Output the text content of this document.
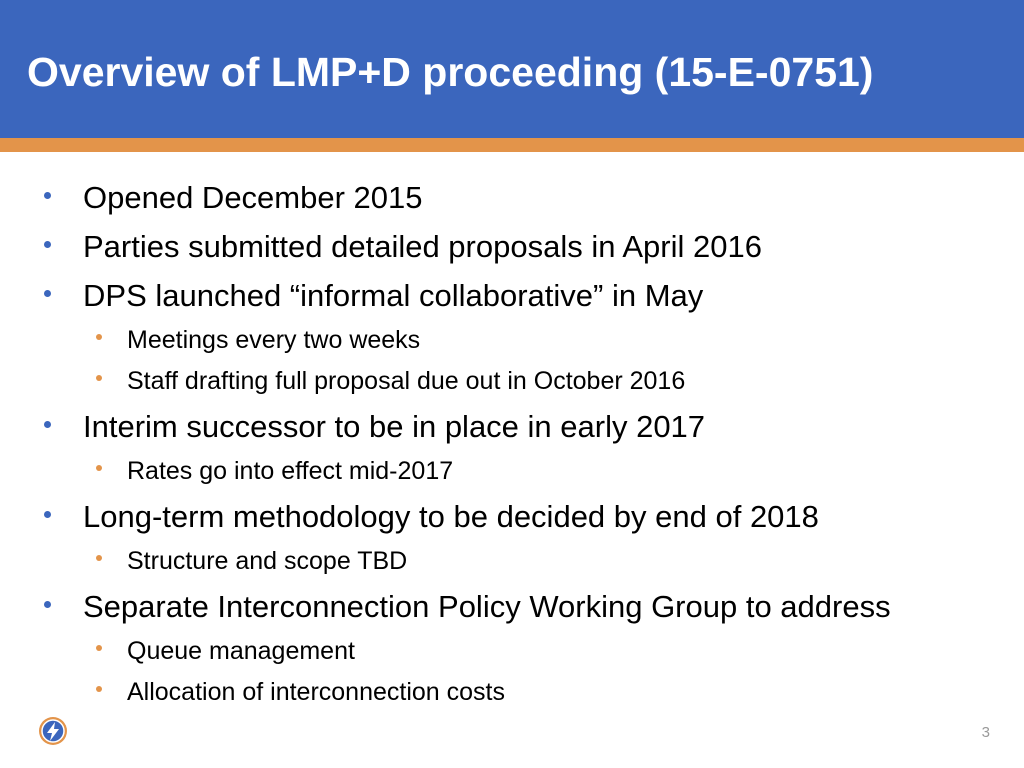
Overview of LMP+D proceeding (15-E-0751)
Opened December 2015
Parties submitted detailed proposals in April 2016
DPS launched “informal collaborative” in May
Meetings every two weeks
Staff drafting full proposal due out in October 2016
Interim successor to be in place in early 2017
Rates go into effect mid-2017
Long-term methodology to be decided by end of 2018
Structure and scope TBD
Separate Interconnection Policy Working Group to address
Queue management
Allocation of interconnection costs
3
